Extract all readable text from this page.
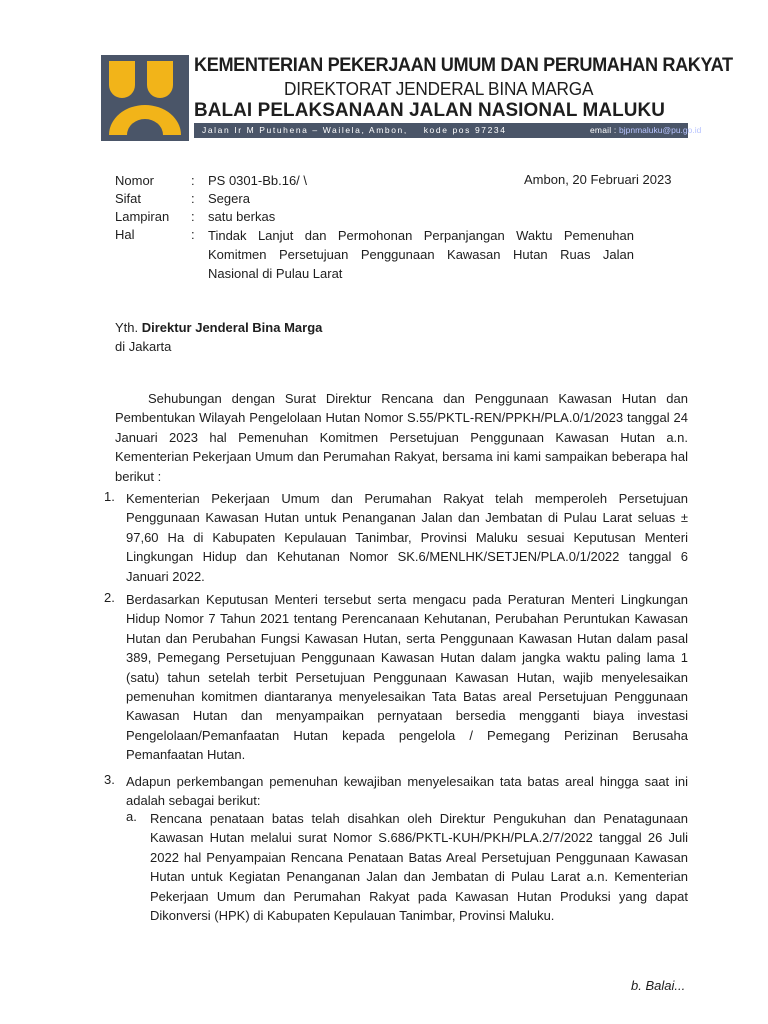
KEMENTERIAN PEKERJAAN UMUM DAN PERUMAHAN RAKYAT
DIREKTORAT JENDERAL BINA MARGA
BALAI PELAKSANAAN JALAN NASIONAL MALUKU
Jalan Ir M Putuhena – Wailela, Ambon, kode pos 97234	email : bjpnmaluku@pu.go.id
Nomor	: PS 0301-Bb.16/ \	Ambon, 20 Februari 2023
Sifat	: Segera
Lampiran : satu berkas
Hal	: Tindak Lanjut dan Permohonan Perpanjangan Waktu Pemenuhan Komitmen Persetujuan Penggunaan Kawasan Hutan Ruas Jalan Nasional di Pulau Larat
Yth. Direktur Jenderal Bina Marga
di Jakarta
Sehubungan dengan Surat Direktur Rencana dan Penggunaan Kawasan Hutan dan Pembentukan Wilayah Pengelolaan Hutan Nomor S.55/PKTL-REN/PPKH/PLA.0/1/2023 tanggal 24 Januari 2023 hal Pemenuhan Komitmen Persetujuan Penggunaan Kawasan Hutan a.n. Kementerian Pekerjaan Umum dan Perumahan Rakyat, bersama ini kami sampaikan beberapa hal berikut :
1. Kementerian Pekerjaan Umum dan Perumahan Rakyat telah memperoleh Persetujuan Penggunaan Kawasan Hutan untuk Penanganan Jalan dan Jembatan di Pulau Larat seluas ± 97,60 Ha di Kabupaten Kepulauan Tanimbar, Provinsi Maluku sesuai Keputusan Menteri Lingkungan Hidup dan Kehutanan Nomor SK.6/MENLHK/SETJEN/PLA.0/1/2022 tanggal 6 Januari 2022.
2. Berdasarkan Keputusan Menteri tersebut serta mengacu pada Peraturan Menteri Lingkungan Hidup Nomor 7 Tahun 2021 tentang Perencanaan Kehutanan, Perubahan Peruntukan Kawasan Hutan dan Perubahan Fungsi Kawasan Hutan, serta Penggunaan Kawasan Hutan dalam pasal 389, Pemegang Persetujuan Penggunaan Kawasan Hutan dalam jangka waktu paling lama 1 (satu) tahun setelah terbit Persetujuan Penggunaan Kawasan Hutan, wajib menyelesaikan pemenuhan komitmen diantaranya menyelesaikan Tata Batas areal Persetujuan Penggunaan Kawasan Hutan dan menyampaikan pernyataan bersedia mengganti biaya investasi Pengelolaan/Pemanfaatan Hutan kepada pengelola / Pemegang Perizinan Berusaha Pemanfaatan Hutan.
3. Adapun perkembangan pemenuhan kewajiban menyelesaikan tata batas areal hingga saat ini adalah sebagai berikut:
a. Rencana penataan batas telah disahkan oleh Direktur Pengukuhan dan Penatagunaan Kawasan Hutan melalui surat Nomor S.686/PKTL-KUH/PKH/PLA.2/7/2022 tanggal 26 Juli 2022 hal Penyampaian Rencana Penataan Batas Areal Persetujuan Penggunaan Kawasan Hutan untuk Kegiatan Penanganan Jalan dan Jembatan di Pulau Larat a.n. Kementerian Pekerjaan Umum dan Perumahan Rakyat pada Kawasan Hutan Produksi yang dapat Dikonversi (HPK) di Kabupaten Kepulauan Tanimbar, Provinsi Maluku.
b. Balai...
